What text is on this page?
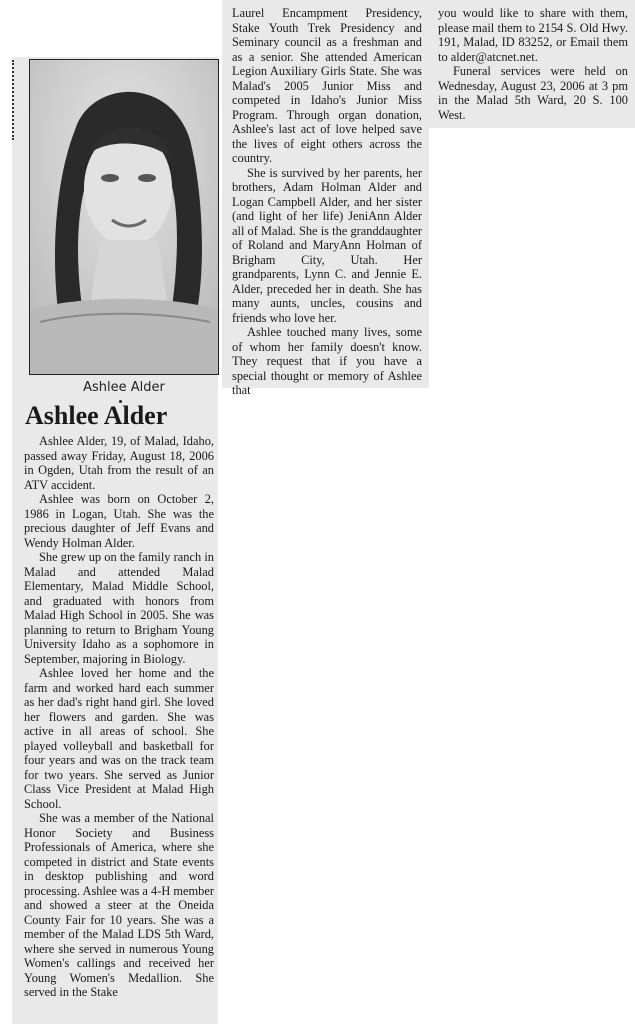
Ashlee Alder
Ashlee Alder

Ashlee Alder, 19, of Malad, Idaho, passed away Friday, August 18, 2006 in Ogden, Utah from the result of an ATV accident.

Ashlee was born on October 2, 1986 in Logan, Utah. She was the precious daughter of Jeff Evans and Wendy Holman Alder.

She grew up on the family ranch in Malad and attended Malad Elementary, Malad Middle School, and graduated with honors from Malad High School in 2005. She was planning to return to Brigham Young University Idaho as a sophomore in September, majoring in Biology.

Ashlee loved her home and the farm and worked hard each summer as her dad's right hand girl. She loved her flowers and garden. She was active in all areas of school. She played volleyball and basketball for four years and was on the track team for two years. She served as Junior Class Vice President at Malad High School.

She was a member of the National Honor Society and Business Professionals of America, where she competed in district and State events in desktop publishing and word processing. Ashlee was a 4-H member and showed a steer at the Oneida County Fair for 10 years. She was a member of the Malad LDS 5th Ward, where she served in numerous Young Women's callings and received her Young Women's Medallion. She served in the Stake

Laurel Encampment Presidency, Stake Youth Trek Presidency and Seminary council as a freshman and as a senior. She attended American Legion Auxiliary Girls State. She was Malad's 2005 Junior Miss and competed in Idaho's Junior Miss Program. Through organ donation, Ashlee's last act of love helped save the lives of eight others across the country.

She is survived by her parents, her brothers, Adam Holman Alder and Logan Campbell Alder, and her sister (and light of her life) JeniAnn Alder all of Malad. She is the granddaughter of Roland and MaryAnn Holman of Brigham City, Utah. Her grandparents, Lynn C. and Jennie E. Alder, preceded her in death. She has many aunts, uncles, cousins and friends who love her.

Ashlee touched many lives, some of whom her family doesn't know. They request that if you have a special thought or memory of Ashlee that

you would like to share with them, please mail them to 2154 S. Old Hwy. 191, Malad, ID 83252, or Email them to alder@atcnet.net.

Funeral services were held on Wednesday, August 23, 2006 at 3 pm in the Malad 5th Ward, 20 S. 100 West.
